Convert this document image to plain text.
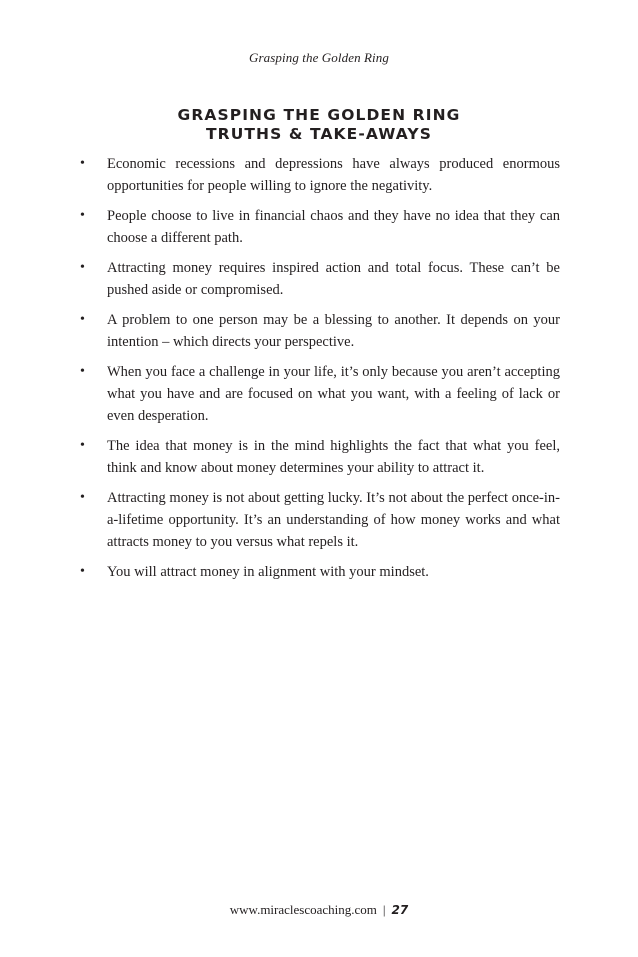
Grasping the Golden Ring
GRASPING THE GOLDEN RING
TRUTHS & TAKE-AWAYS
• Economic recessions and depressions have always produced enormous opportunities for people willing to ignore the negativity.
• People choose to live in financial chaos and they have no idea that they can choose a different path.
• Attracting money requires inspired action and total focus. These can’t be pushed aside or compromised.
• A problem to one person may be a blessing to another. It depends on your intention – which directs your perspective.
• When you face a challenge in your life, it’s only because you aren’t accepting what you have and are focused on what you want, with a feeling of lack or even desperation.
• The idea that money is in the mind highlights the fact that what you feel, think and know about money determines your ability to attract it.
• Attracting money is not about getting lucky. It’s not about the perfect once-in-a-lifetime opportunity. It’s an understanding of how money works and what attracts money to you versus what repels it.
• You will attract money in alignment with your mindset.
www.miraclescoaching.com | 27
